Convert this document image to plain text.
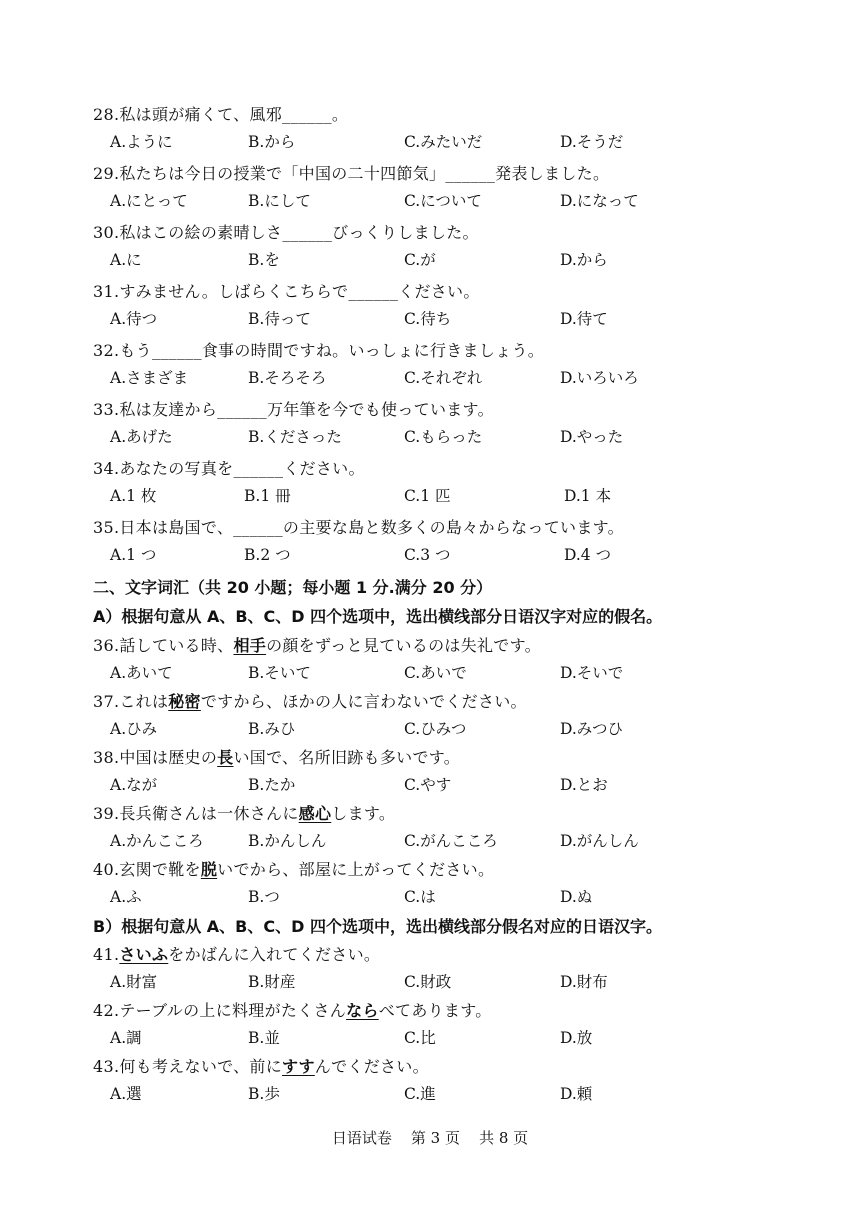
28.私は頭が痛くて、風邪______。
A.ように	B.から	C.みたいだ	D.そうだ
29.私たちは今日の授業で「中国の二十四節気」______発表しました。
A.にとって	B.にして	C.について	D.になって
30.私はこの絵の素晴しさ______びっくりしました。
A.に	B.を	C.が	D.から
31.すみません。しばらくこちらで______ください。
A.待つ	B.待って	C.待ち	D.待て
32.もう______食事の時間ですね。いっしょに行きましょう。
A.さまざま	B.そろそろ	C.それぞれ	D.いろいろ
33.私は友達から______万年筆を今でも使っています。
A.あげた	B.くださった	C.もらった	D.やった
34.あなたの写真を______ください。
A.1 枚	B.1 冊	C.1 匹	D.1 本
35.日本は島国で、______の主要な島と数多くの島々からなっています。
A.1 つ	B.2 つ	C.3 つ	D.4 つ
二、文字词汇（共 20 小题；每小题 1 分.满分 20 分）
A）根据句意从 A、B、C、D 四个选项中，选出横线部分日语汉字对应的假名。
36.話している時、相手の顔をずっと見ているのは失礼です。
A.あいて	B.そいて	C.あいで	D.そいで
37.これは秘密ですから、ほかの人に言わないでください。
A.ひみ	B.みひ	C.ひみつ	D.みつひ
38.中国は歴史の長い国で、名所旧跡も多いです。
A.なが	B.たか	C.やす	D.とお
39.長兵衛さんは一休さんに感心します。
A.かんこころ	B.かんしん	C.がんこころ	D.がんしん
40.玄関で靴を脱いでから、部屋に上がってください。
A.ふ	B.つ	C.は	D.ぬ
B）根据句意从 A、B、C、D 四个选项中，选出横线部分假名对应的日语汉字。
41.さいふをかばんに入れてください。
A.財富	B.財産	C.財政	D.財布
42.テーブルの上に料理がたくさんならべてあります。
A.調	B.並	C.比	D.放
43.何も考えないで、前にすすんでください。
A.選	B.歩	C.進	D.頼
日语试卷    第 3 页    共 8 页
